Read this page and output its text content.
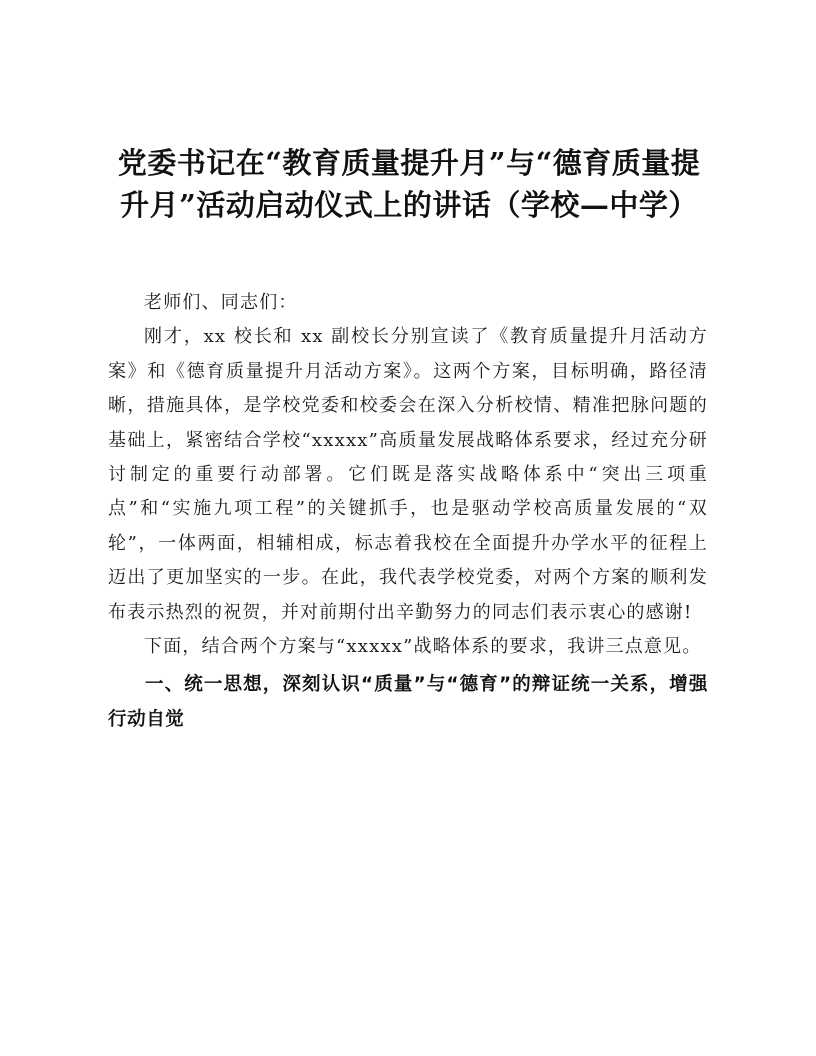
党委书记在“教育质量提升月”与“德育质量提升月”活动启动仪式上的讲话（学校—中学）

老师们、同志们：

刚才，xx 校长和 xx 副校长分别宣读了《教育质量提升月活动方案》和《德育质量提升月活动方案》。这两个方案，目标明确，路径清晰，措施具体，是学校党委和校委会在深入分析校情、精准把脉问题的基础上，紧密结合学校“xxxxx”高质量发展战略体系要求，经过充分研讨制定的重要行动部署。它们既是落实战略体系中“突出三项重点”和“实施九项工程”的关键抓手，也是驱动学校高质量发展的“双轮”，一体两面，相辅相成，标志着我校在全面提升办学水平的征程上迈出了更加坚实的一步。在此，我代表学校党委，对两个方案的顺利发布表示热烈的祝贺，并对前期付出辛勤努力的同志们表示衷心的感谢!

下面，结合两个方案与“xxxxx”战略体系的要求，我讲三点意见。

一、统一思想，深刻认识“质量”与“德育”的辩证统一关系，增强行动自觉
